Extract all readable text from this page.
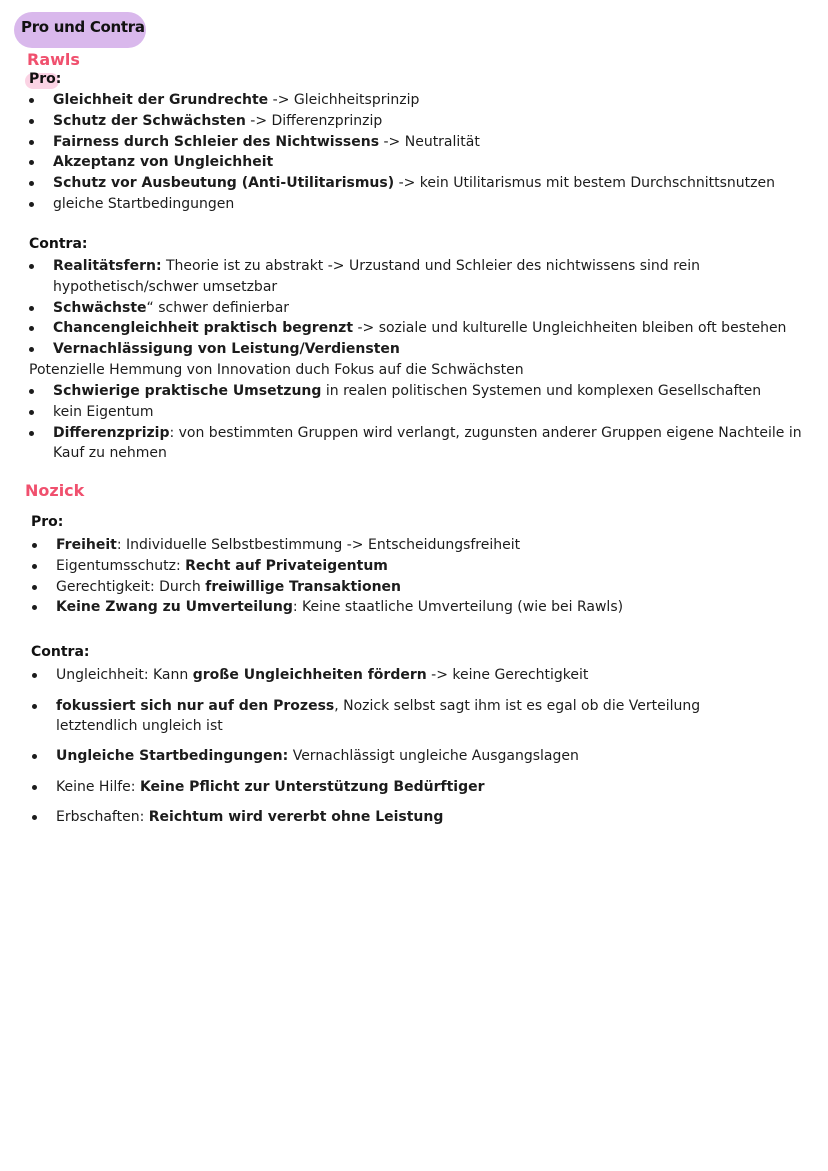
Pro und Contra
Rawls
Pro:
Gleichheit der Grundrechte -> Gleichheitsprinzip
Schutz der Schwächsten -> Differenzprinzip
Fairness durch Schleier des Nichtwissens -> Neutralität
Akzeptanz von Ungleichheit
Schutz vor Ausbeutung (Anti-Utilitarismus) -> kein Utilitarismus mit bestem Durchschnittsnutzen
gleiche Startbedingungen
Contra:
Realitätsfern: Theorie ist zu abstrakt -> Urzustand und Schleier des nichtwissens sind rein hypothetisch/schwer umsetzbar
Schwächste“ schwer definierbar
Chancengleichheit praktisch begrenzt -> soziale und kulturelle Ungleichheiten bleiben oft bestehen
Vernachlässigung von Leistung/Verdiensten
Potenzielle Hemmung von Innovation duch Fokus auf die Schwächsten
Schwierige praktische Umsetzung in realen politischen Systemen und komplexen Gesellschaften
kein Eigentum
Differenzprizip: von bestimmten Gruppen wird verlangt, zugunsten anderer Gruppen eigene Nachteile in Kauf zu nehmen
Nozick
Pro:
Freiheit: Individuelle Selbstbestimmung -> Entscheidungsfreiheit
Eigentumsschutz: Recht auf Privateigentum
Gerechtigkeit: Durch freiwillige Transaktionen
Keine Zwang zu Umverteilung: Keine staatliche Umverteilung (wie bei Rawls)
Contra:
Ungleichheit: Kann große Ungleichheiten fördern -> keine Gerechtigkeit
fokussiert sich nur auf den Prozess, Nozick selbst sagt ihm ist es egal ob die Verteilung letztendlich ungleich ist
Ungleiche Startbedingungen: Vernachlässigt ungleiche Ausgangslagen
Keine Hilfe: Keine Pflicht zur Unterstützung Bedürftiger
Erbschaften: Reichtum wird vererbt ohne Leistung
